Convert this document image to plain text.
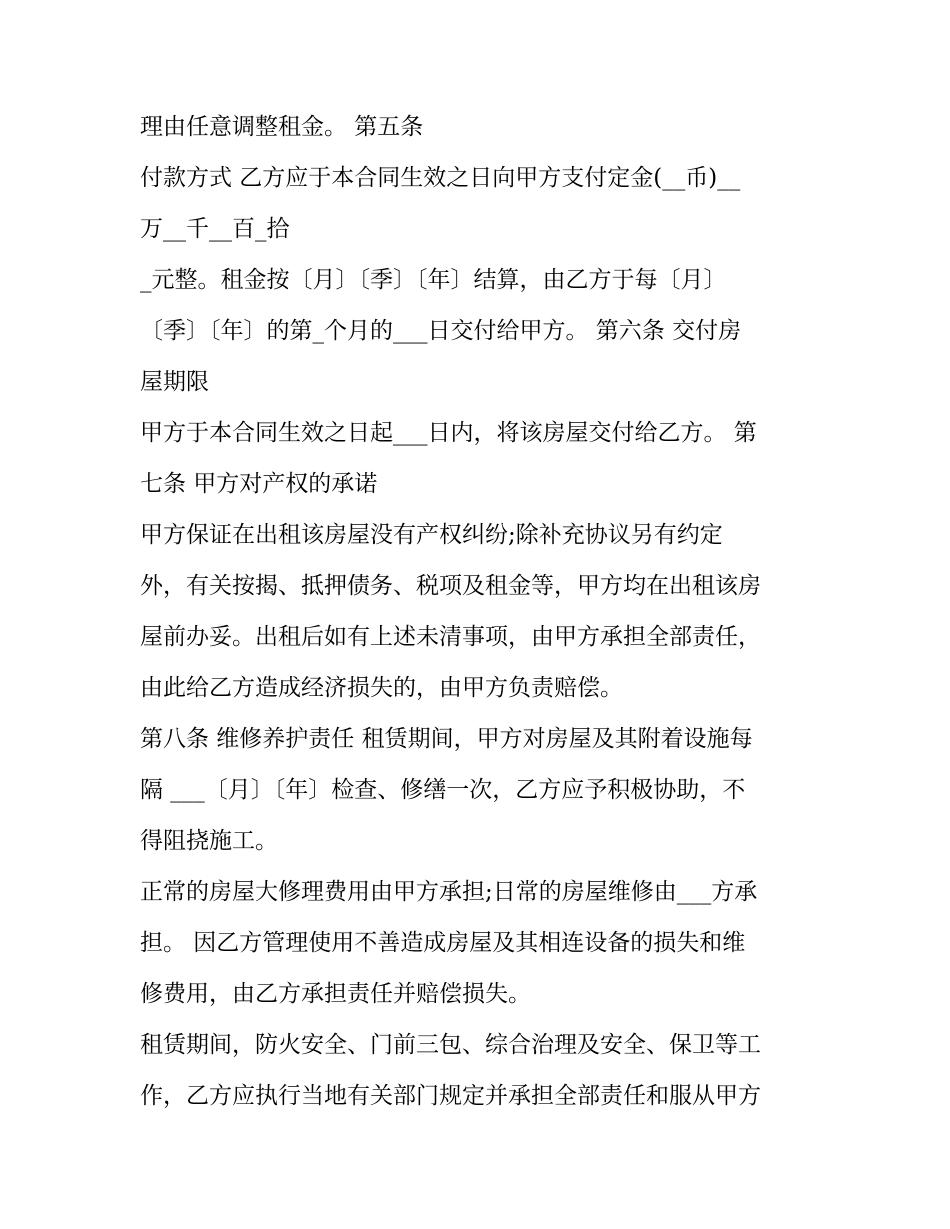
理由任意调整租金。 第五条
付款方式 乙方应于本合同生效之日向甲方支付定金(__币)__
万__千__百_拾
_元整。租金按〔月〕〔季〕〔年〕结算，由乙方于每〔月〕
〔季〕〔年〕的第_个月的___日交付给甲方。 第六条 交付房
屋期限
甲方于本合同生效之日起___日内，将该房屋交付给乙方。 第
七条 甲方对产权的承诺
甲方保证在出租该房屋没有产权纠纷;除补充协议另有约定
外，有关按揭、抵押债务、税项及租金等，甲方均在出租该房
屋前办妥。出租后如有上述未清事项，由甲方承担全部责任，
由此给乙方造成经济损失的，由甲方负责赔偿。
第八条 维修养护责任 租赁期间，甲方对房屋及其附着设施每
隔 ___〔月〕〔年〕检查、修缮一次，乙方应予积极协助，不
得阻挠施工。
正常的房屋大修理费用由甲方承担;日常的房屋维修由___方承
担。 因乙方管理使用不善造成房屋及其相连设备的损失和维
修费用，由乙方承担责任并赔偿损失。
租赁期间，防火安全、门前三包、综合治理及安全、保卫等工
作，乙方应执行当地有关部门规定并承担全部责任和服从甲方
